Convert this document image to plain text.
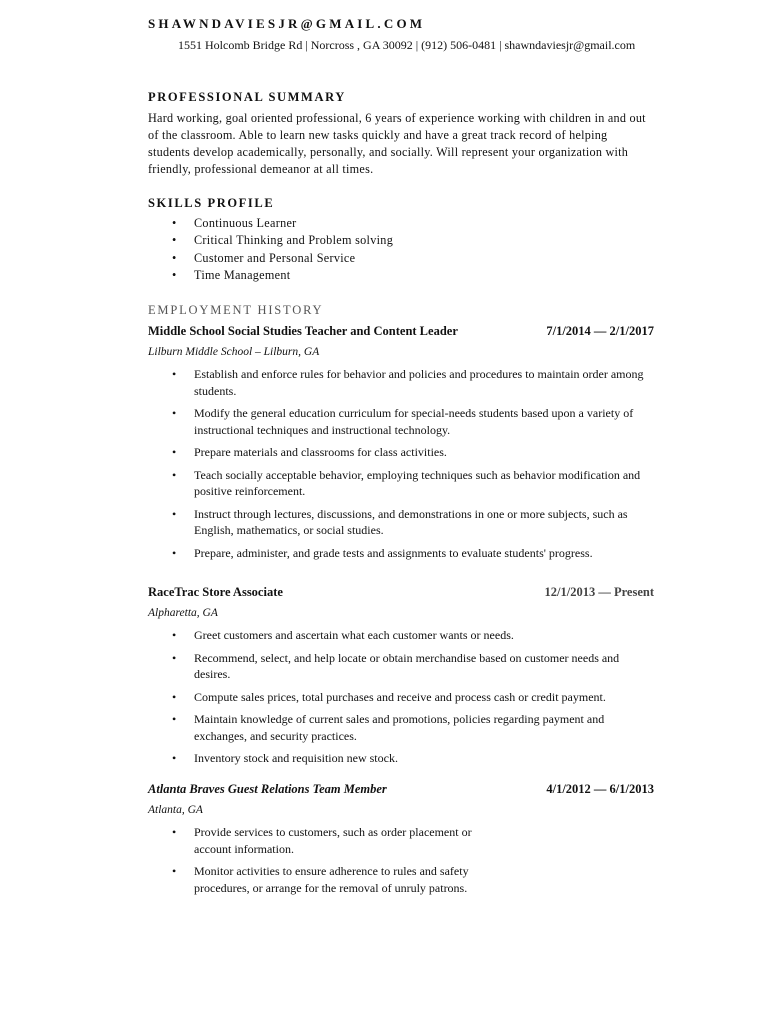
SHAWNDAVIESJR@GMAIL.COM
1551 Holcomb Bridge Rd | Norcross , GA 30092 | (912) 506-0481 | shawndaviesjr@gmail.com
PROFESSIONAL SUMMARY
Hard working, goal oriented professional, 6 years of experience working with children in and out of the classroom. Able to learn new tasks quickly and have a great track record of helping students develop academically, personally, and socially. Will represent your organization with friendly, professional demeanor at all times.
SKILLS PROFILE
• Continuous Learner
• Critical Thinking and Problem solving
• Customer and Personal Service
• Time Management
EMPLOYMENT HISTORY
Middle School Social Studies Teacher and Content Leader	7/1/2014 — 2/1/2017
Lilburn Middle School – Lilburn, GA
• Establish and enforce rules for behavior and policies and procedures to maintain order among students.
• Modify the general education curriculum for special-needs students based upon a variety of instructional techniques and instructional technology.
• Prepare materials and classrooms for class activities.
• Teach socially acceptable behavior, employing techniques such as behavior modification and positive reinforcement.
• Instruct through lectures, discussions, and demonstrations in one or more subjects, such as English, mathematics, or social studies.
• Prepare, administer, and grade tests and assignments to evaluate students' progress.
RaceTrac Store Associate	12/1/2013 — Present
Alpharetta, GA
• Greet customers and ascertain what each customer wants or needs.
• Recommend, select, and help locate or obtain merchandise based on customer needs and desires.
• Compute sales prices, total purchases and receive and process cash or credit payment.
• Maintain knowledge of current sales and promotions, policies regarding payment and exchanges, and security practices.
• Inventory stock and requisition new stock.
Atlanta Braves Guest Relations Team Member	4/1/2012 — 6/1/2013
Atlanta, GA
• Provide services to customers, such as order placement or account information.
• Monitor activities to ensure adherence to rules and safety procedures, or arrange for the removal of unruly patrons.
